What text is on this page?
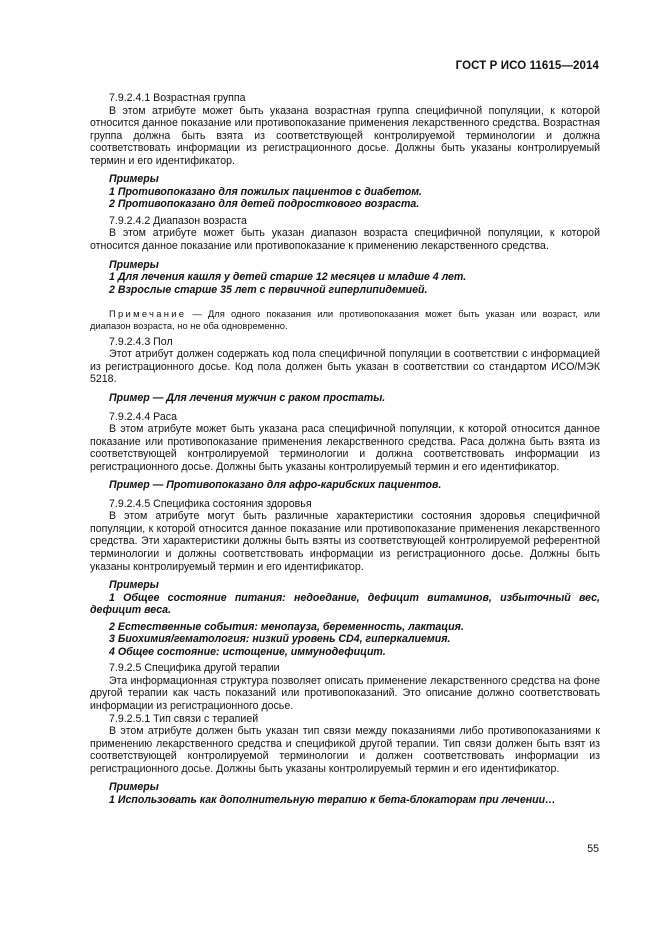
ГОСТ Р ИСО 11615—2014

7.9.2.4.1 Возрастная группа

В этом атрибуте может быть указана возрастная группа специфичной популяции, к которой относится данное показание или противопоказание применения лекарственного средства. Возрастная группа должна быть взята из соответствующей контролируемой терминологии и должна соответствовать информации из регистрационного досье. Должны быть указаны контролируемый термин и его идентификатор.

Примеры

1 Противопоказано для пожилых пациентов с диабетом.

2 Противопоказано для детей подросткового возраста.

7.9.2.4.2 Диапазон возраста

В этом атрибуте может быть указан диапазон возраста специфичной популяции, к которой относится данное показание или противопоказание к применению лекарственного средства.

Примеры

1 Для лечения кашля у детей старше 12 месяцев и младше 4 лет.

2 Взрослые старше 35 лет с первичной гиперлипидемией.

Примечание — Для одного показания или противопоказания может быть указан или возраст, или диапазон возраста, но не оба одновременно.

7.9.2.4.3 Пол

Этот атрибут должен содержать код пола специфичной популяции в соответствии с информацией из регистрационного досье. Код пола должен быть указан в соответствии со стандартом ИСО/МЭК 5218.

Пример — Для лечения мужчин с раком простаты.

7.9.2.4.4 Раса

В этом атрибуте может быть указана раса специфичной популяции, к которой относится данное показание или противопоказание применения лекарственного средства. Раса должна быть взята из соответствующей контролируемой терминологии и должна соответствовать информации из регистрационного досье. Должны быть указаны контролируемый термин и его идентификатор.

Пример — Противопоказано для афро-карибских пациентов.

7.9.2.4.5 Специфика состояния здоровья

В этом атрибуте могут быть различные характеристики состояния здоровья специфичной популяции, к которой относится данное показание или противопоказание применения лекарственного средства. Эти характеристики должны быть взяты из соответствующей контролируемой референтной терминологии и должны соответствовать информации из регистрационного досье. Должны быть указаны контролируемый термин и его идентификатор.

Примеры

1 Общее состояние питания: недоедание, дефицит витаминов, избыточный вес, дефицит веса.

2 Естественные события: менопауза, беременность, лактация.

3 Биохимия/гематология: низкий уровень CD4, гиперкалиемия.

4 Общее состояние: истощение, иммунодефицит.

7.9.2.5 Специфика другой терапии

Эта информационная структура позволяет описать применение лекарственного средства на фоне другой терапии как часть показаний или противопоказаний. Это описание должно соответствовать информации из регистрационного досье.

7.9.2.5.1 Тип связи с терапией

В этом атрибуте должен быть указан тип связи между показаниями либо противопоказаниями к применению лекарственного средства и спецификой другой терапии. Тип связи должен быть взят из соответствующей контролируемой терминологии и должен соответствовать информации из регистрационного досье. Должны быть указаны контролируемый термин и его идентификатор.

Примеры

1 Использовать как дополнительную терапию к бета-блокаторам при лечении…

55
